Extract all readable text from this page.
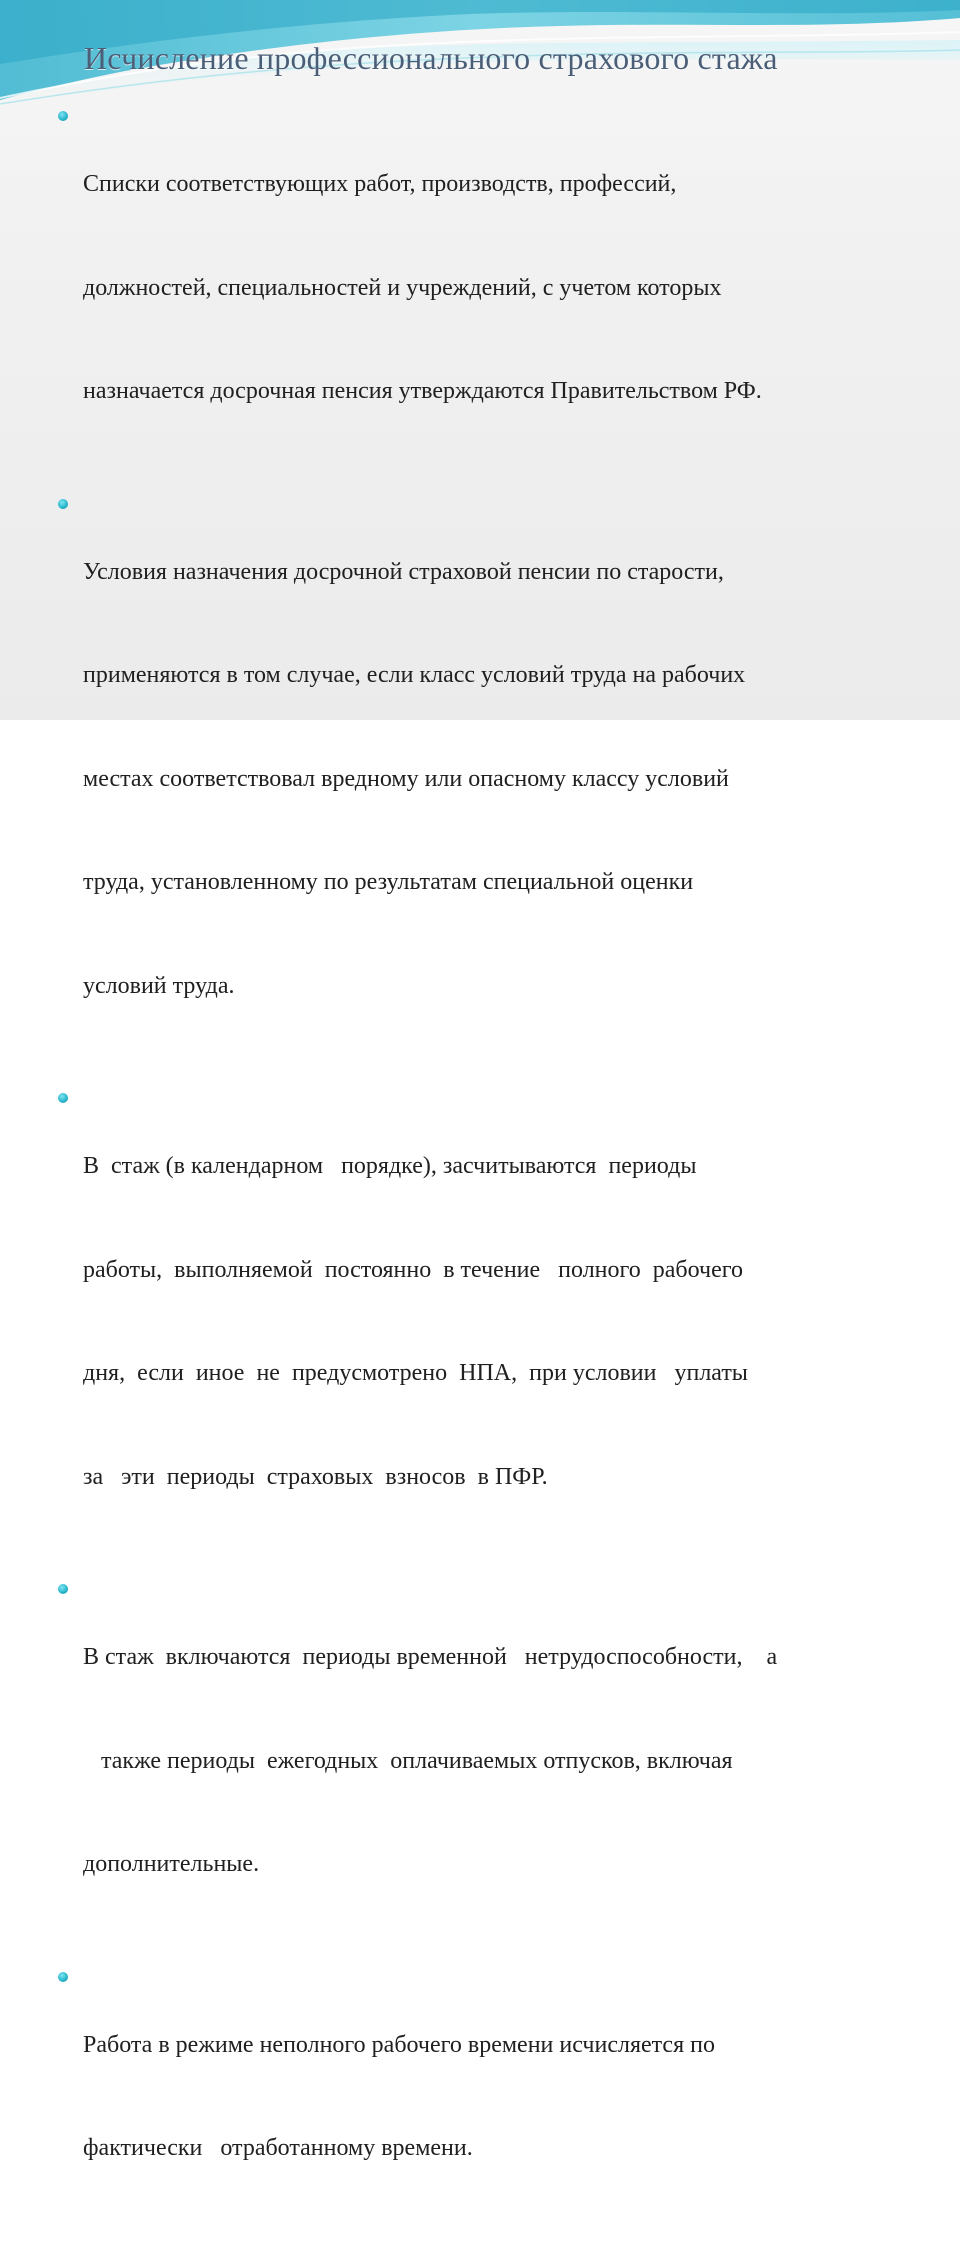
Исчисление профессионального страхового стажа

Списки соответствующих работ, производств, профессий,

должностей, специальностей и учреждений, с учетом которых

назначается досрочная пенсия утверждаются Правительством РФ.

Условия назначения досрочной страховой пенсии по старости,

применяются в том случае, если класс условий труда на рабочих

местах соответствовал вредному или опасному классу условий

труда, установленному по результатам специальной оценки

условий труда.

В  стаж (в календарном   порядке), засчитываются  периоды

работы,  выполняемой  постоянно  в течение   полного  рабочего

дня,  если  иное  не  предусмотрено  НПА,  при условии   уплаты

за   эти  периоды  страховых  взносов  в ПФР.

В стаж  включаются  периоды временной   нетрудоспособности,    а

также периоды  ежегодных  оплачиваемых отпусков, включая

дополнительные.

Работа в режиме неполного рабочего времени исчисляется по

фактически   отработанному времени.
